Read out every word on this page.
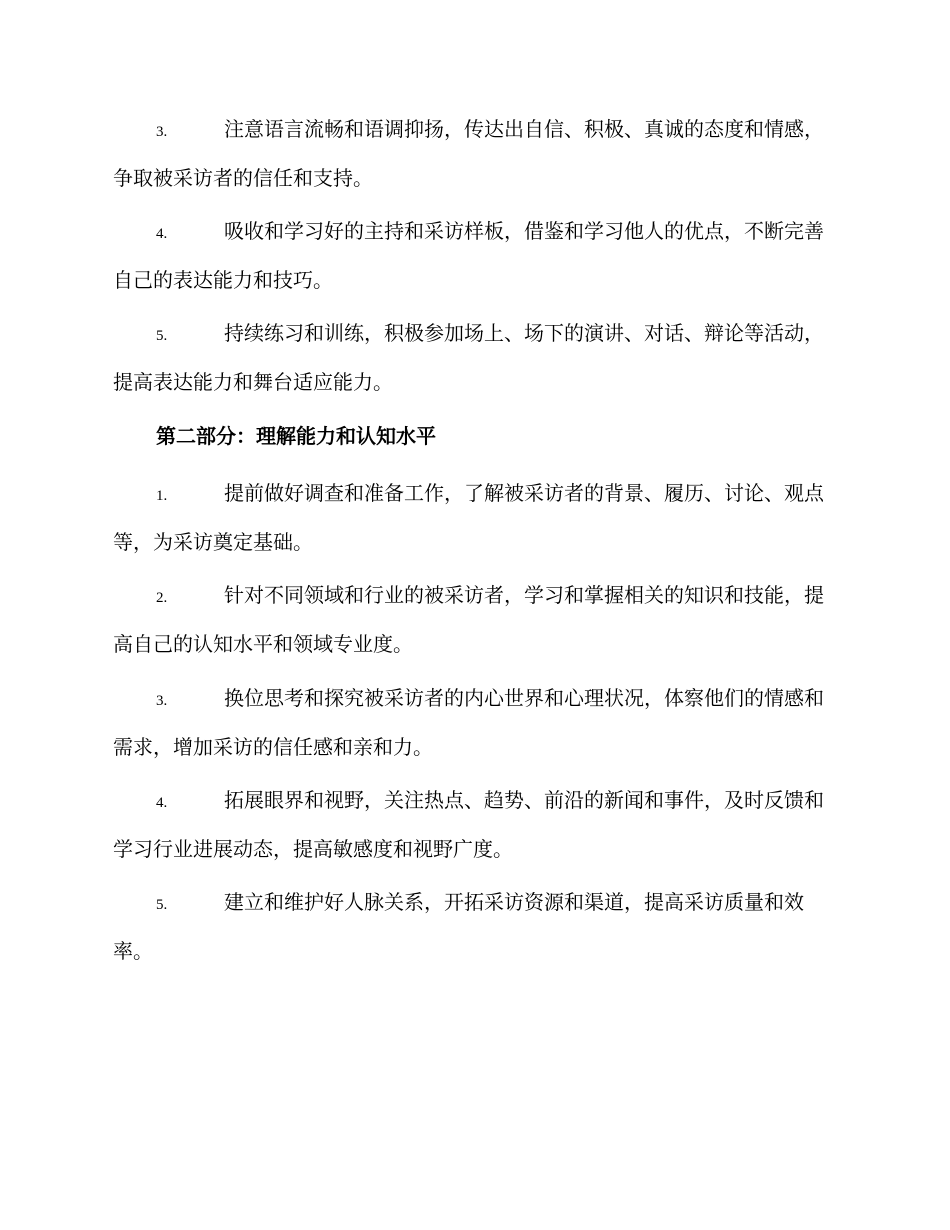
3.	注意语言流畅和语调抑扬，传达出自信、积极、真诚的态度和情感，争取被采访者的信任和支持。

4.	吸收和学习好的主持和采访样板，借鉴和学习他人的优点，不断完善自己的表达能力和技巧。

5.	持续练习和训练，积极参加场上、场下的演讲、对话、辩论等活动，提高表达能力和舞台适应能力。

第二部分：理解能力和认知水平

1.	提前做好调查和准备工作，了解被采访者的背景、履历、讨论、观点等，为采访奠定基础。

2.	针对不同领域和行业的被采访者，学习和掌握相关的知识和技能，提高自己的认知水平和领域专业度。

3.	换位思考和探究被采访者的内心世界和心理状况，体察他们的情感和需求，增加采访的信任感和亲和力。

4.	拓展眼界和视野，关注热点、趋势、前沿的新闻和事件，及时反馈和学习行业进展动态，提高敏感度和视野广度。

5.	建立和维护好人脉关系，开拓采访资源和渠道，提高采访质量和效率。
